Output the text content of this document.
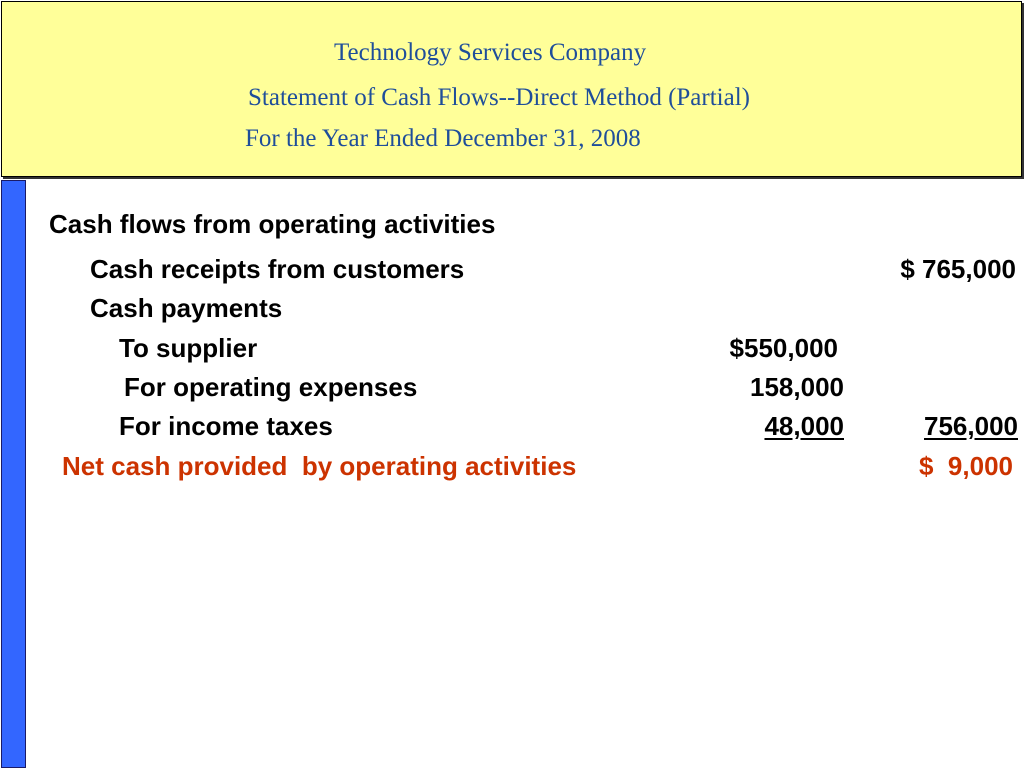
Technology Services Company
Statement of Cash Flows--Direct Method (Partial)
For the Year Ended December 31, 2008
Cash flows from operating activities
Cash receipts from customers	$ 765,000
Cash payments
To supplier	$550,000
For operating expenses	158,000
For income taxes	48,000	756,000
Net cash provided  by operating activities	$  9,000
